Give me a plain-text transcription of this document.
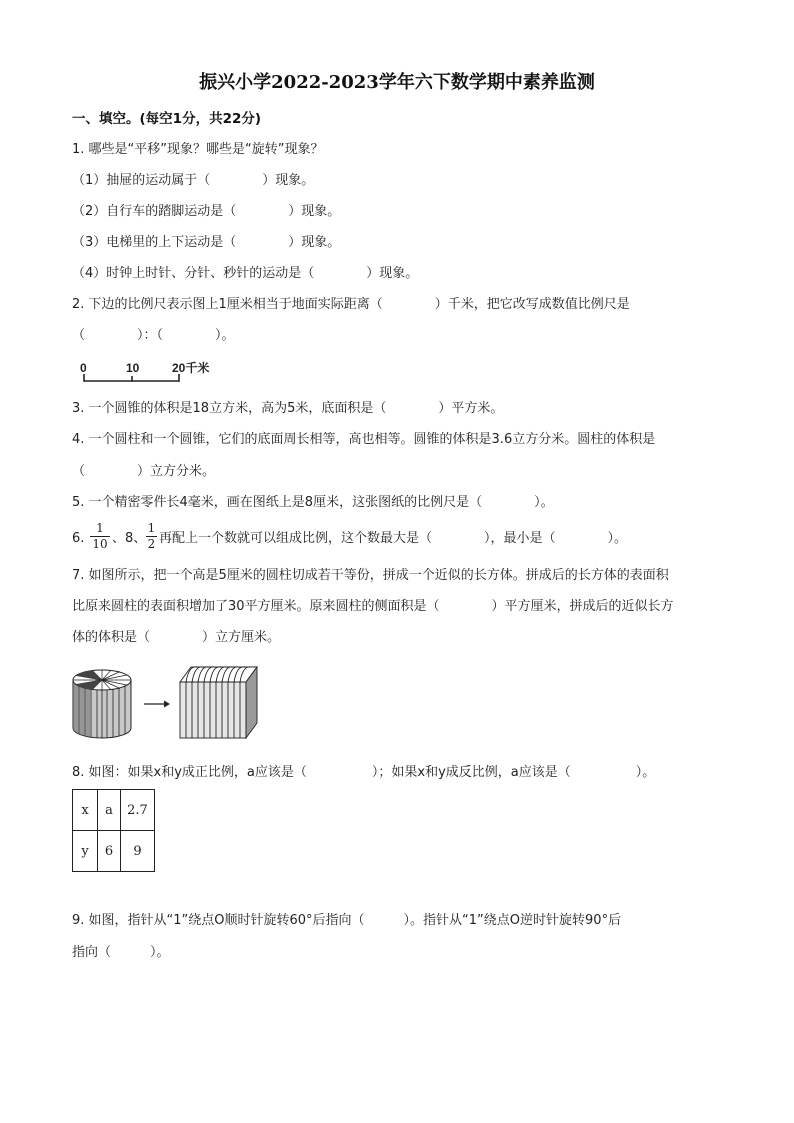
振兴小学2022-2023学年六下数学期中素养监测
一、填空。(每空1分，共22分)
1. 哪些是“平移”现象？哪些是“旋转”现象？
（1）抽屉的运动属于（　　　　）现象。
（2）自行车的踏脚运动是（　　　　）现象。
（3）电梯里的上下运动是（　　　　）现象。
（4）时钟上时针、分针、秒针的运动是（　　　　）现象。
2. 下边的比例尺表示图上1厘米相当于地面实际距离（　　　　）千米，把它改写成数值比例尺是
（　　　　）：（　　　　）。
0	10	20千米
3. 一个圆锥的体积是18立方米，高为5米，底面积是（　　　　）平方米。
4. 一个圆柱和一个圆锥，它们的底面周长相等，高也相等。圆锥的体积是3.6立方分米。圆柱的体积是
（　　　　）立方分米。
5. 一个精密零件长4毫米，画在图纸上是8厘米，这张图纸的比例尺是（　　　　）。
6.
1
10 、8、
1
2 再配上一个数就可以组成比例，这个数最大是（　　　　），最小是（　　　　）。
7. 如图所示，把一个高是5厘米的圆柱切成若干等份，拼成一个近似的长方体。拼成后的长方体的表面积
比原来圆柱的表面积增加了30平方厘米。原来圆柱的侧面积是（　　　　）平方厘米，拼成后的近似长方
体的体积是（　　　　）立方厘米。
8. 如图：如果x和y成正比例，a应该是（　　　　　）；如果x和y成反比例，a应该是（　　　　　）。
x	a	2.7
y	6	9
9. 如图，指针从“1”绕点O顺时针旋转60°后指向（　　　）。指针从“1”绕点O逆时针旋转90°后
指向（　　　）。
